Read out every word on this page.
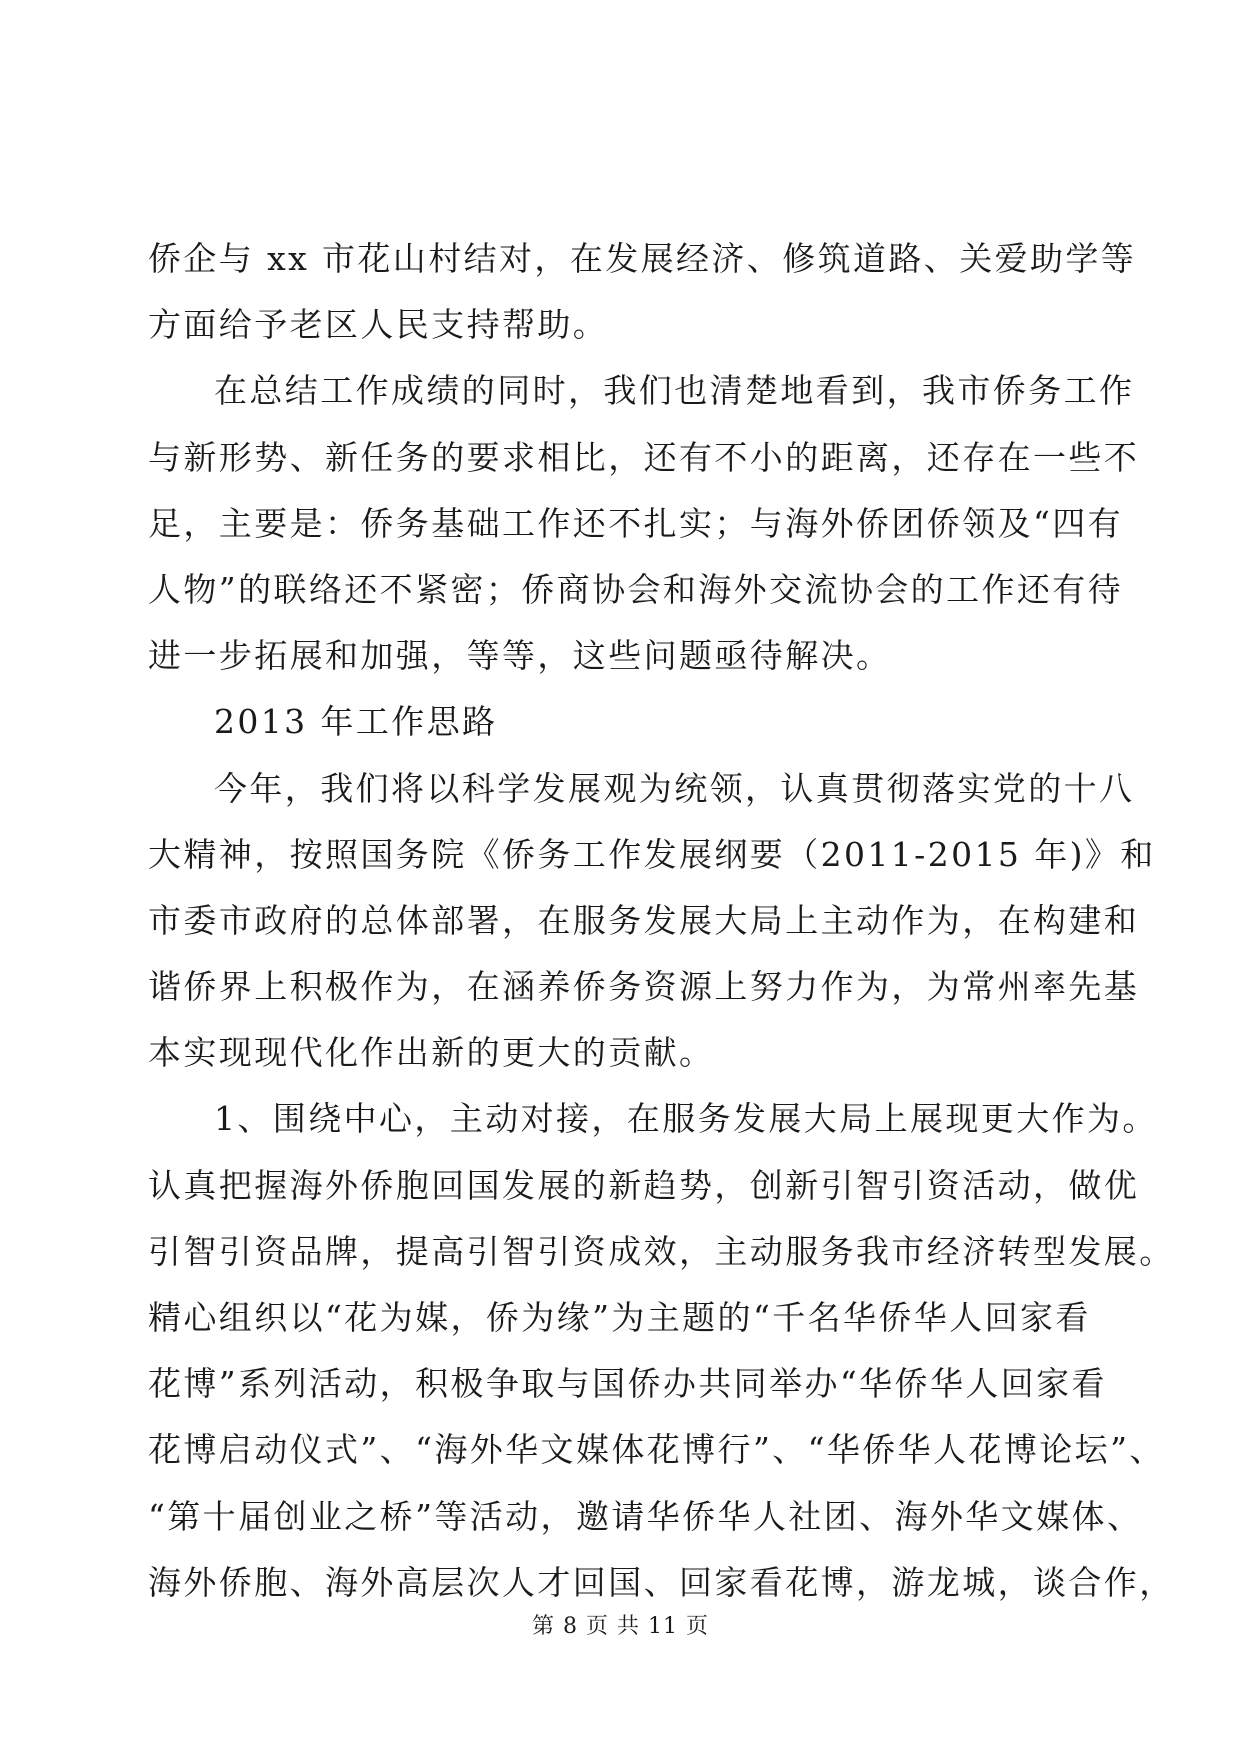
侨企与 xx 市花山村结对，在发展经济、修筑道路、关爱助学等
方面给予老区人民支持帮助。
在总结工作成绩的同时，我们也清楚地看到，我市侨务工作
与新形势、新任务的要求相比，还有不小的距离，还存在一些不
足，主要是：侨务基础工作还不扎实；与海外侨团侨领及“四有
人物”的联络还不紧密；侨商协会和海外交流协会的工作还有待
进一步拓展和加强，等等，这些问题亟待解决。
2013 年工作思路
今年，我们将以科学发展观为统领，认真贯彻落实党的十八
大精神，按照国务院《侨务工作发展纲要（2011-2015 年)》和
市委市政府的总体部署，在服务发展大局上主动作为，在构建和
谐侨界上积极作为，在涵养侨务资源上努力作为，为常州率先基
本实现现代化作出新的更大的贡献。
1、围绕中心，主动对接，在服务发展大局上展现更大作为。
认真把握海外侨胞回国发展的新趋势，创新引智引资活动，做优
引智引资品牌，提高引智引资成效，主动服务我市经济转型发展。
精心组织以“花为媒，侨为缘”为主题的“千名华侨华人回家看
花博”系列活动，积极争取与国侨办共同举办“华侨华人回家看
花博启动仪式”、“海外华文媒体花博行”、“华侨华人花博论坛”、
“第十届创业之桥”等活动，邀请华侨华人社团、海外华文媒体、
海外侨胞、海外高层次人才回国、回家看花博，游龙城，谈合作，
第 8 页 共 11 页
